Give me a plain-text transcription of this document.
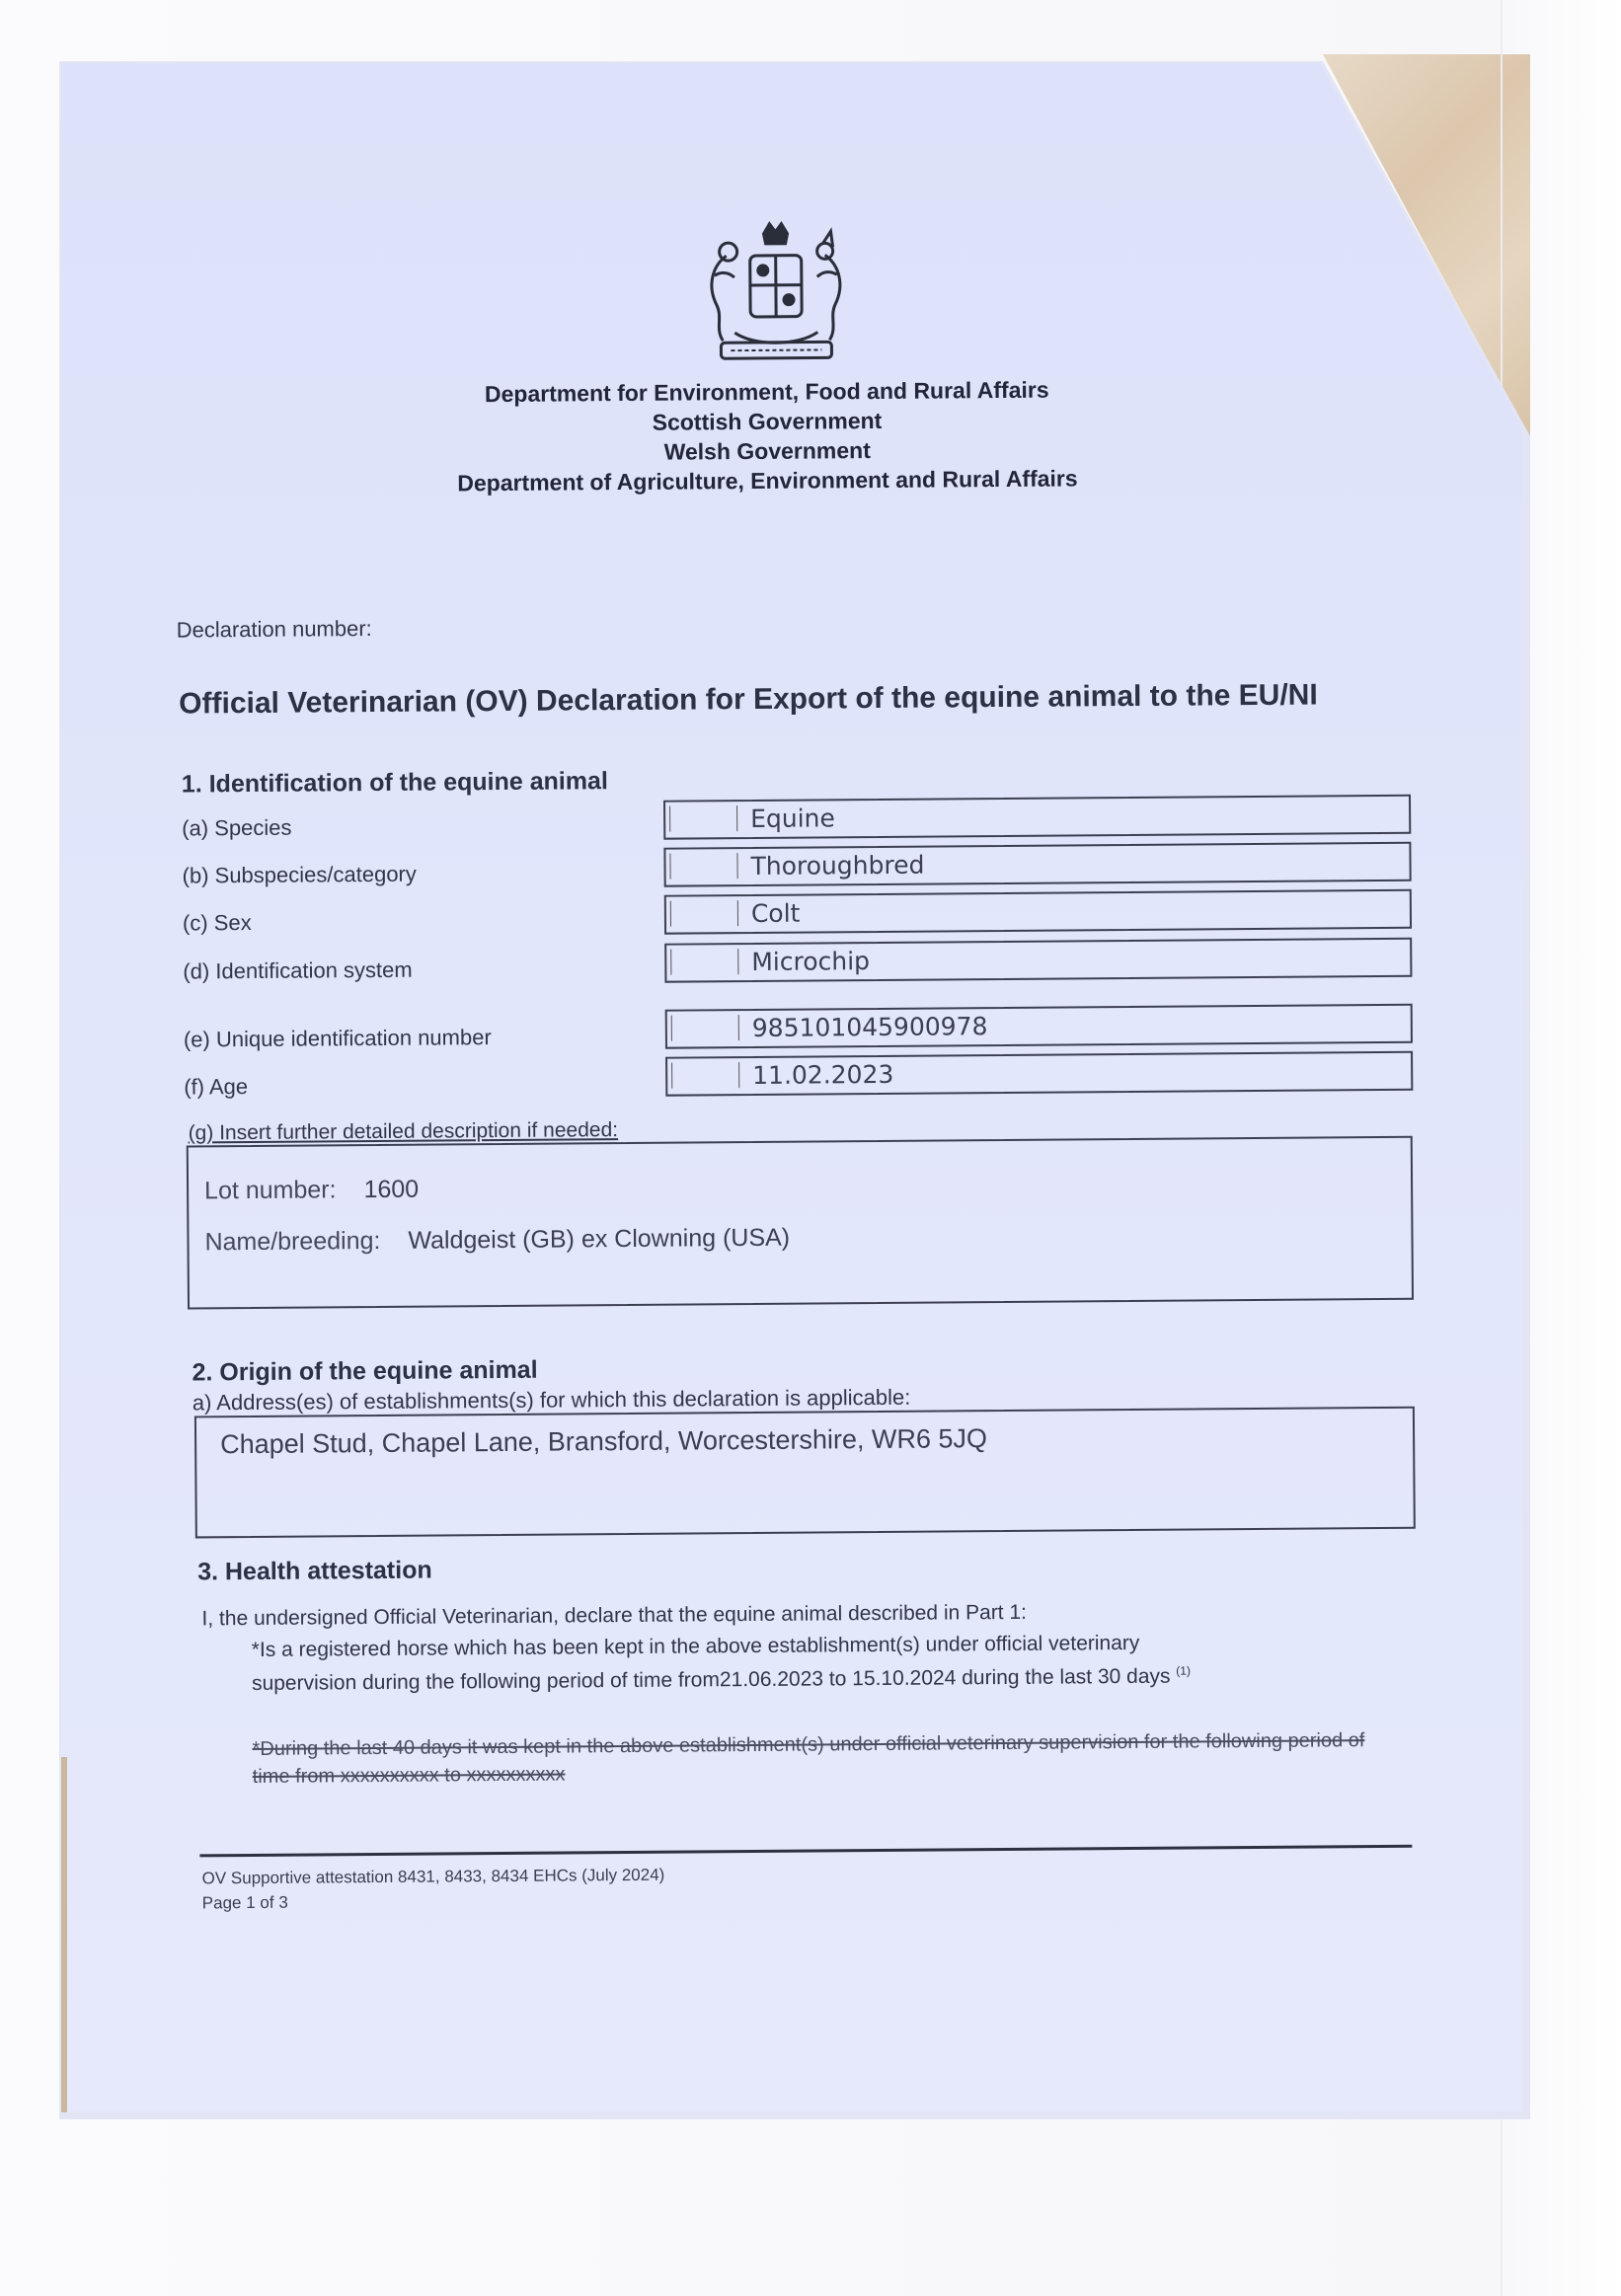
Department for Environment, Food and Rural Affairs
Scottish Government
Welsh Government
Department of Agriculture, Environment and Rural Affairs
Declaration number:
Official Veterinarian (OV) Declaration for Export of the equine animal to the EU/NI
1. Identification of the equine animal
(a) Species	Equine
(b) Subspecies/category	Thoroughbred
(c) Sex	Colt
(d) Identification system	Microchip
(e) Unique identification number	985101045900978
(f) Age	11.02.2023
(g) Insert further detailed description if needed:
Lot number: 1600
Name/breeding: Waldgeist (GB) ex Clowning (USA)
2. Origin of the equine animal
a) Address(es) of establishments(s) for which this declaration is applicable:
Chapel Stud, Chapel Lane, Bransford, Worcestershire, WR6 5JQ
3. Health attestation
I, the undersigned Official Veterinarian, declare that the equine animal described in Part 1:
*Is a registered horse which has been kept in the above establishment(s) under official veterinary supervision during the following period of time from21.06.2023 to 15.10.2024 during the last 30 days $^{(1)}$
*During the last 40 days it was kept in the above establishment(s) under official veterinary supervision for the following period of time from xxxxxxxxxx to xxxxxxxxxx
OV Supportive attestation 8431, 8433, 8434 EHCs (July 2024)
Page 1 of 3
